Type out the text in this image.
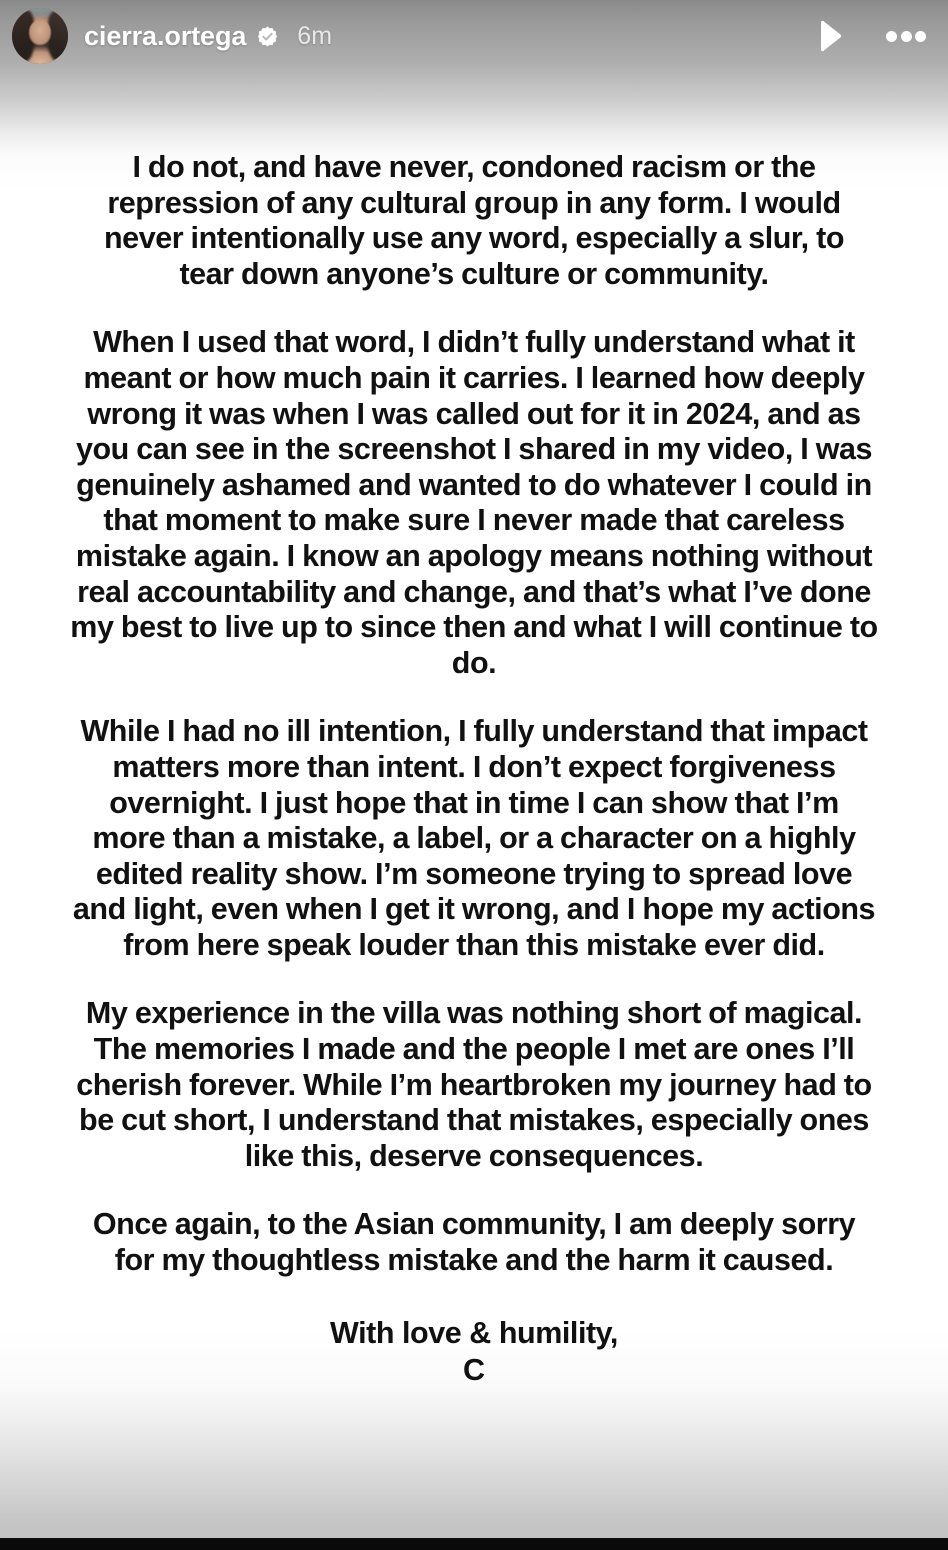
cierra.ortega 6m
I do not, and have never, condoned racism or the repression of any cultural group in any form. I would never intentionally use any word, especially a slur, to tear down anyone’s culture or community.
When I used that word, I didn’t fully understand what it meant or how much pain it carries. I learned how deeply wrong it was when I was called out for it in 2024, and as you can see in the screenshot I shared in my video, I was genuinely ashamed and wanted to do whatever I could in that moment to make sure I never made that careless mistake again. I know an apology means nothing without real accountability and change, and that’s what I’ve done my best to live up to since then and what I will continue to do.
While I had no ill intention, I fully understand that impact matters more than intent. I don’t expect forgiveness overnight. I just hope that in time I can show that I’m more than a mistake, a label, or a character on a highly edited reality show. I’m someone trying to spread love and light, even when I get it wrong, and I hope my actions from here speak louder than this mistake ever did.
My experience in the villa was nothing short of magical. The memories I made and the people I met are ones I’ll cherish forever. While I’m heartbroken my journey had to be cut short, I understand that mistakes, especially ones like this, deserve consequences.
Once again, to the Asian community, I am deeply sorry for my thoughtless mistake and the harm it caused.
With love & humility,
C
